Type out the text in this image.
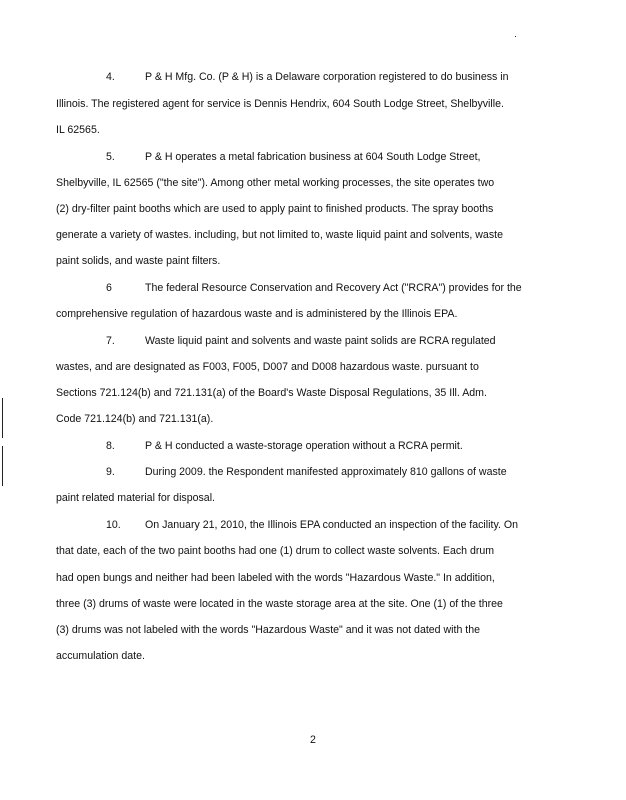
4.	P & H Mfg. Co. (P & H) is a Delaware corporation registered to do business in
Illinois. The registered agent for service is Dennis Hendrix, 604 South Lodge Street, Shelbyville.
IL 62565.
5.	P & H operates a metal fabrication business at 604 South Lodge Street,
Shelbyville, IL 62565 ("the site"). Among other metal working processes, the site operates two
(2) dry-filter paint booths which are used to apply paint to finished products. The spray booths
generate a variety of wastes. including, but not limited to, waste liquid paint and solvents, waste
paint solids, and waste paint filters.
6	The federal Resource Conservation and Recovery Act ("RCRA") provides for the
comprehensive regulation of hazardous waste and is administered by the Illinois EPA.
7.	Waste liquid paint and solvents and waste paint solids are RCRA regulated
wastes, and are designated as F003, F005, D007 and D008 hazardous waste. pursuant to
Sections 721.124(b) and 721.131(a) of the Board's Waste Disposal Regulations, 35 Ill. Adm.
Code 721.124(b) and 721.131(a).
8.	P & H conducted a waste-storage operation without a RCRA permit.
9.	During 2009. the Respondent manifested approximately 810 gallons of waste
paint related material for disposal.
10. On January 21, 2010, the Illinois EPA conducted an inspection of the facility. On
that date, each of the two paint booths had one (1) drum to collect waste solvents. Each drum
had open bungs and neither had been labeled with the words "Hazardous Waste." In addition,
three (3) drums of waste were located in the waste storage area at the site. One (1) of the three
(3) drums was not labeled with the words "Hazardous Waste" and it was not dated with the
accumulation date.
2
